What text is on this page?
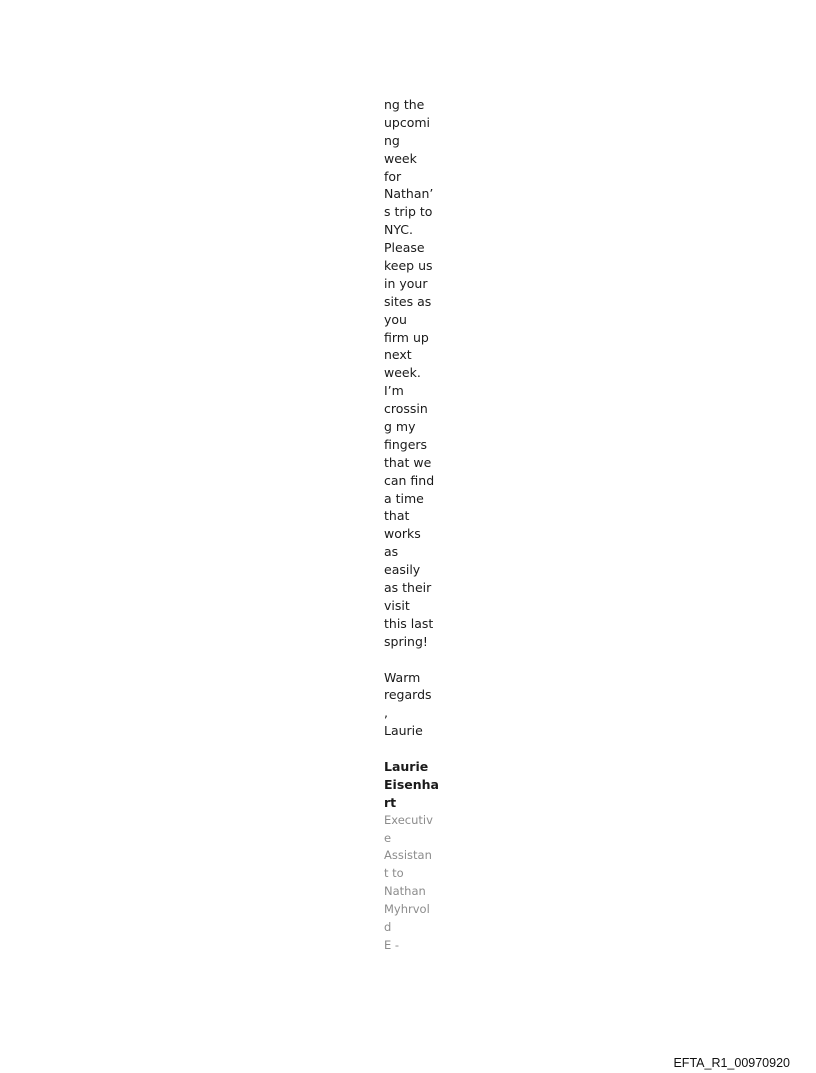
ng the
upcomi
ng
week
for
Nathan’
s trip to
NYC.
Please
keep us
in your
sites as
you
firm up
next
week.
I’m
crossin
g my
fingers
that we
can find
a time
that
works
as
easily
as their
visit
this last
spring!
Warm
regards
,
Laurie
Laurie
Eisenha
rt
Executiv
e
Assistan
t to
Nathan
Myhrvol
d
E -
EFTA_R1_00970920
